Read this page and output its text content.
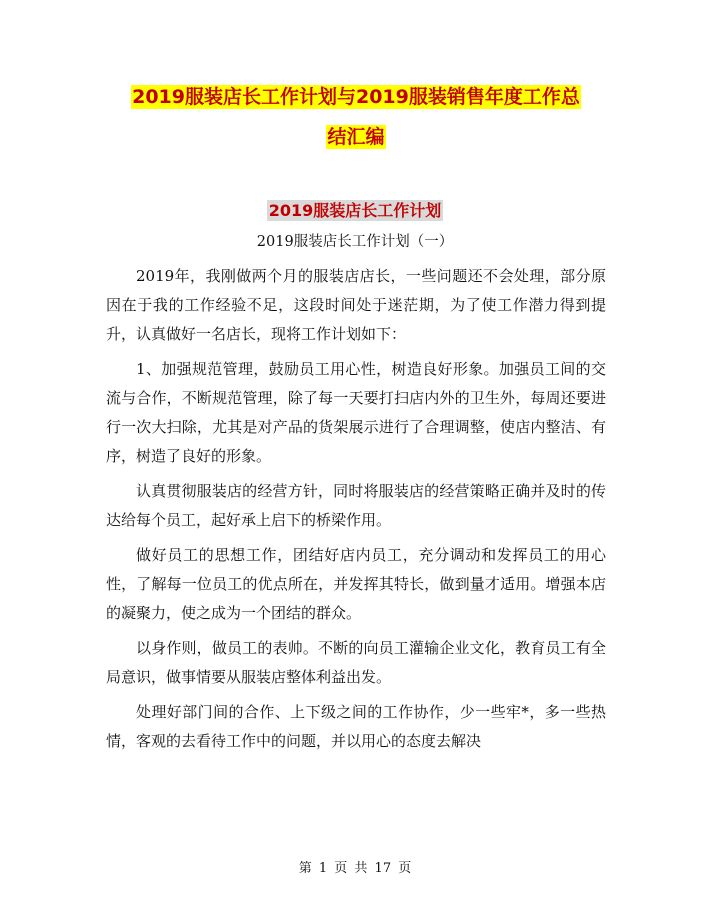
2019服装店长工作计划与2019服装销售年度工作总
结汇编
2019服装店长工作计划
2019服装店长工作计划（一）

2019年，我刚做两个月的服装店店长，一些问题还不会处理，部分原因在于我的工作经验不足，这段时间处于迷茫期，为了使工作潜力得到提升，认真做好一名店长，现将工作计划如下：

1、加强规范管理，鼓励员工用心性，树造良好形象。加强员工间的交流与合作，不断规范管理，除了每一天要打扫店内外的卫生外，每周还要进行一次大扫除，尤其是对产品的货架展示进行了合理调整，使店内整洁、有序，树造了良好的形象。

认真贯彻服装店的经营方针，同时将服装店的经营策略正确并及时的传达给每个员工，起好承上启下的桥梁作用。

做好员工的思想工作，团结好店内员工，充分调动和发挥员工的用心性，了解每一位员工的优点所在，并发挥其特长，做到量才适用。增强本店的凝聚力，使之成为一个团结的群众。

以身作则，做员工的表帅。不断的向员工灌输企业文化，教育员工有全局意识，做事情要从服装店整体利益出发。

处理好部门间的合作、上下级之间的工作协作，少一些牢*，多一些热情，客观的去看待工作中的问题，并以用心的态度去解决

第 1 页 共 17 页
